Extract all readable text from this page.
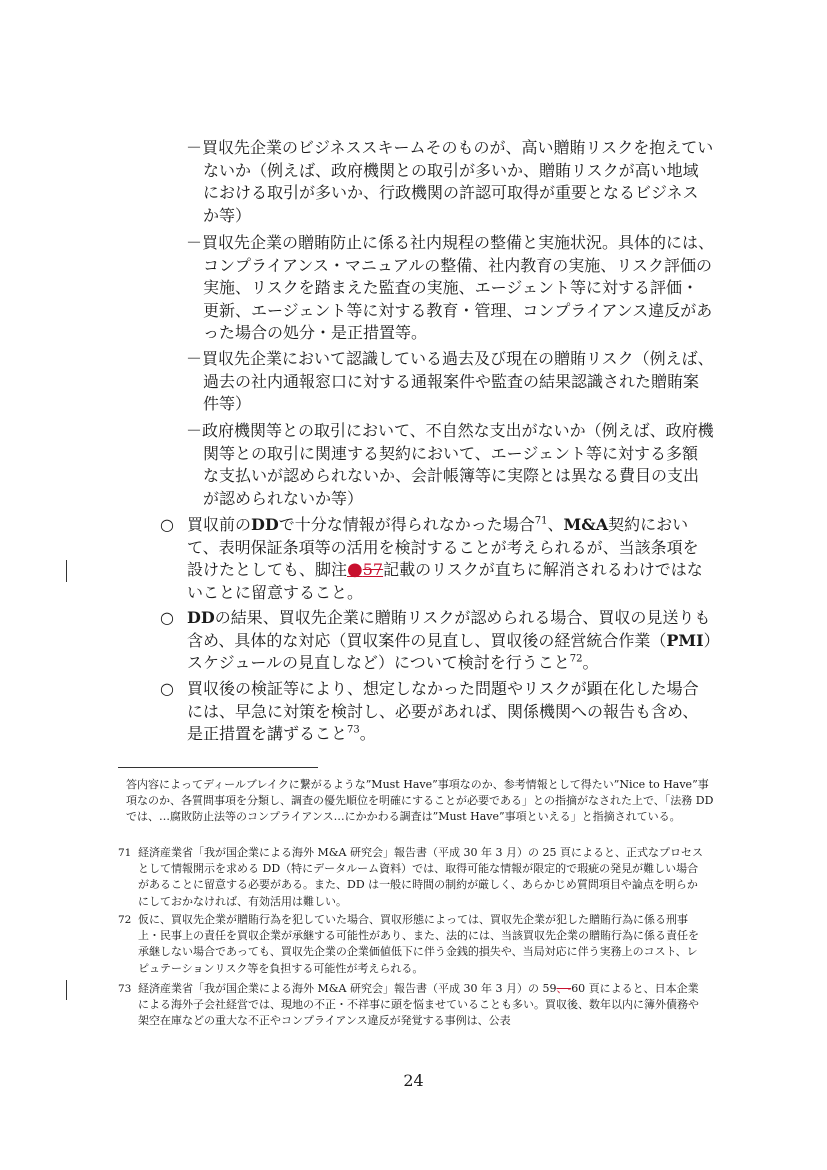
－買収先企業のビジネススキームそのものが、高い贈賄リスクを抱えていないか（例えば、政府機関との取引が多いか、贈賄リスクが高い地域における取引が多いか、行政機関の許認可取得が重要となるビジネスか等）
－買収先企業の贈賄防止に係る社内規程の整備と実施状況。具体的には、コンプライアンス・マニュアルの整備、社内教育の実施、リスク評価の実施、リスクを踏まえた監査の実施、エージェント等に対する評価・更新、エージェント等に対する教育・管理、コンプライアンス違反があった場合の処分・是正措置等。
－買収先企業において認識している過去及び現在の贈賄リスク（例えば、過去の社内通報窓口に対する通報案件や監査の結果認識された贈賄案件等）
－政府機関等との取引において、不自然な支出がないか（例えば、政府機関等との取引に関連する契約において、エージェント等に対する多額な支払いが認められないか、会計帳簿等に実際とは異なる費目の支出が認められないか等）
○ 買収前のDDで十分な情報が得られなかった場合$^{71}$、M&A契約において、表明保証条項等の活用を検討することが考えられるが、当該条項を設けたとしても、脚注●57記載のリスクが直ちに解消されるわけではないことに留意すること。
○ DDの結果、買収先企業に贈賄リスクが認められる場合、買収の見送りも含め、具体的な対応（買収案件の見直し、買収後の経営統合作業（PMI）スケジュールの見直しなど）について検討を行うこと$^{72}$。
○ 買収後の検証等により、想定しなかった問題やリスクが顕在化した場合には、早急に対策を検討し、必要があれば、関係機関への報告も含め、是正措置を講ずること$^{73}$。
答内容によってディールブレイクに繋がるような”Must Have”事項なのか、参考情報として得たい”Nice to Have”事項なのか、各質問事項を分類し、調査の優先順位を明確にすることが必要である」との指摘がなされた上で、「法務 DD では、…腐敗防止法等のコンプライアンス…にかかわる調査は”Must Have”事項といえる」と指摘されている。
71 経済産業省「我が国企業による海外 M&A 研究会」報告書（平成 30 年 3 月）の 25 頁によると、正式なプロセスとして情報開示を求める DD（特にデータルーム資料）では、取得可能な情報が限定的で瑕疵の発見が難しい場合があることに留意する必要がある。また、DD は一般に時間の制約が厳しく、あらかじめ質問項目や論点を明らかにしておかなければ、有効活用は難しい。
72 仮に、買収先企業が贈賄行為を犯していた場合、買収形態によっては、買収先企業が犯した贈賄行為に係る刑事上・民事上の責任を買収企業が承継する可能性があり、また、法的には、当該買収先企業の贈賄行為に係る責任を承継しない場合であっても、買収先企業の企業価値低下に伴う金銭的損失や、当局対応に伴う実務上のコスト、レピュテーションリスク等を負担する可能性が考えられる。
73 経済産業省「我が国企業による海外 M&A 研究会」報告書（平成 30 年 3 月）の 59、-60 頁によると、日本企業による海外子会社経営では、現地の不正・不祥事に頭を悩ませていることも多い。買収後、数年以内に簿外債務や架空在庫などの重大な不正やコンプライアンス違反が発覚する事例は、公表
24
